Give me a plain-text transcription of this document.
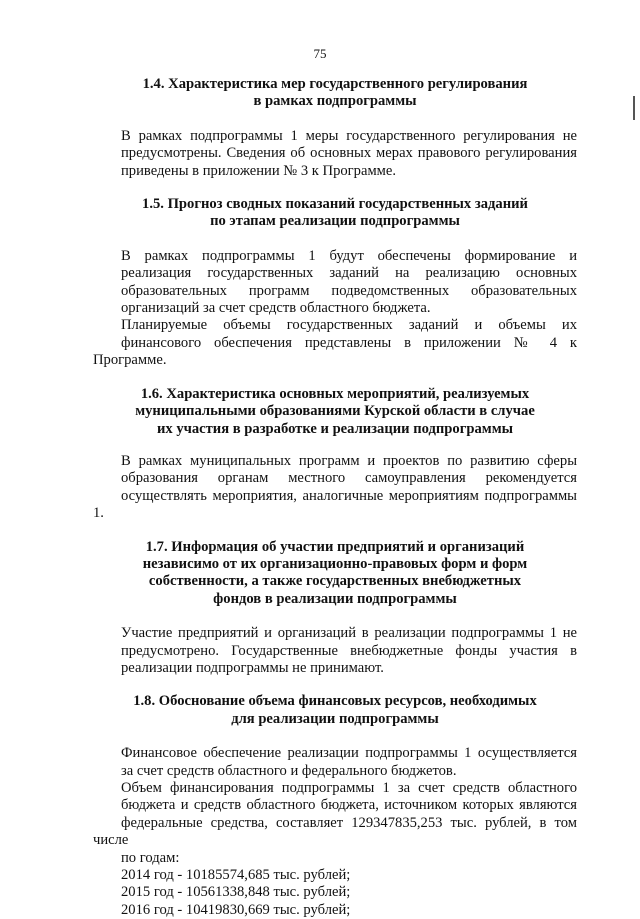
75
1.4. Характеристика мер государственного регулирования
в рамках подпрограммы
В рамках подпрограммы 1 меры государственного регулирования не
предусмотрены. Сведения об основных мерах правового регулирования
приведены в приложении № 3 к Программе.
1.5. Прогноз сводных показаний государственных заданий
по этапам реализации подпрограммы
В рамках подпрограммы 1 будут обеспечены формирование и
реализация государственных заданий на реализацию основных
образовательных программ подведомственных образовательных
организаций за счет средств областного бюджета.
Планируемые объемы государственных заданий и объемы их
финансового обеспечения представлены в приложении № 4 к Программе.
1.6. Характеристика основных мероприятий, реализуемых
муниципальными образованиями Курской области в случае
их участия в разработке и реализации подпрограммы
В рамках муниципальных программ и проектов по развитию сферы
образования органам местного самоуправления рекомендуется
осуществлять мероприятия, аналогичные мероприятиям подпрограммы 1.
1.7. Информация об участии предприятий и организаций
независимо от их организационно-правовых форм и форм
собственности, а также государственных внебюджетных
фондов в реализации подпрограммы
Участие предприятий и организаций в реализации подпрограммы 1 не
предусмотрено. Государственные внебюджетные фонды участия в
реализации подпрограммы не принимают.
1.8. Обоснование объема финансовых ресурсов, необходимых
для реализации подпрограммы
Финансовое обеспечение реализации подпрограммы 1 осуществляется
за счет средств областного и федерального бюджетов.
Объем финансирования подпрограммы 1 за счет средств областного
бюджета и средств областного бюджета, источником которых являются
федеральные средства, составляет 129347835,253 тыс. рублей, в том числе
по годам:
2014 год - 10185574,685 тыс. рублей;
2015 год - 10561338,848 тыс. рублей;
2016 год - 10419830,669 тыс. рублей;
